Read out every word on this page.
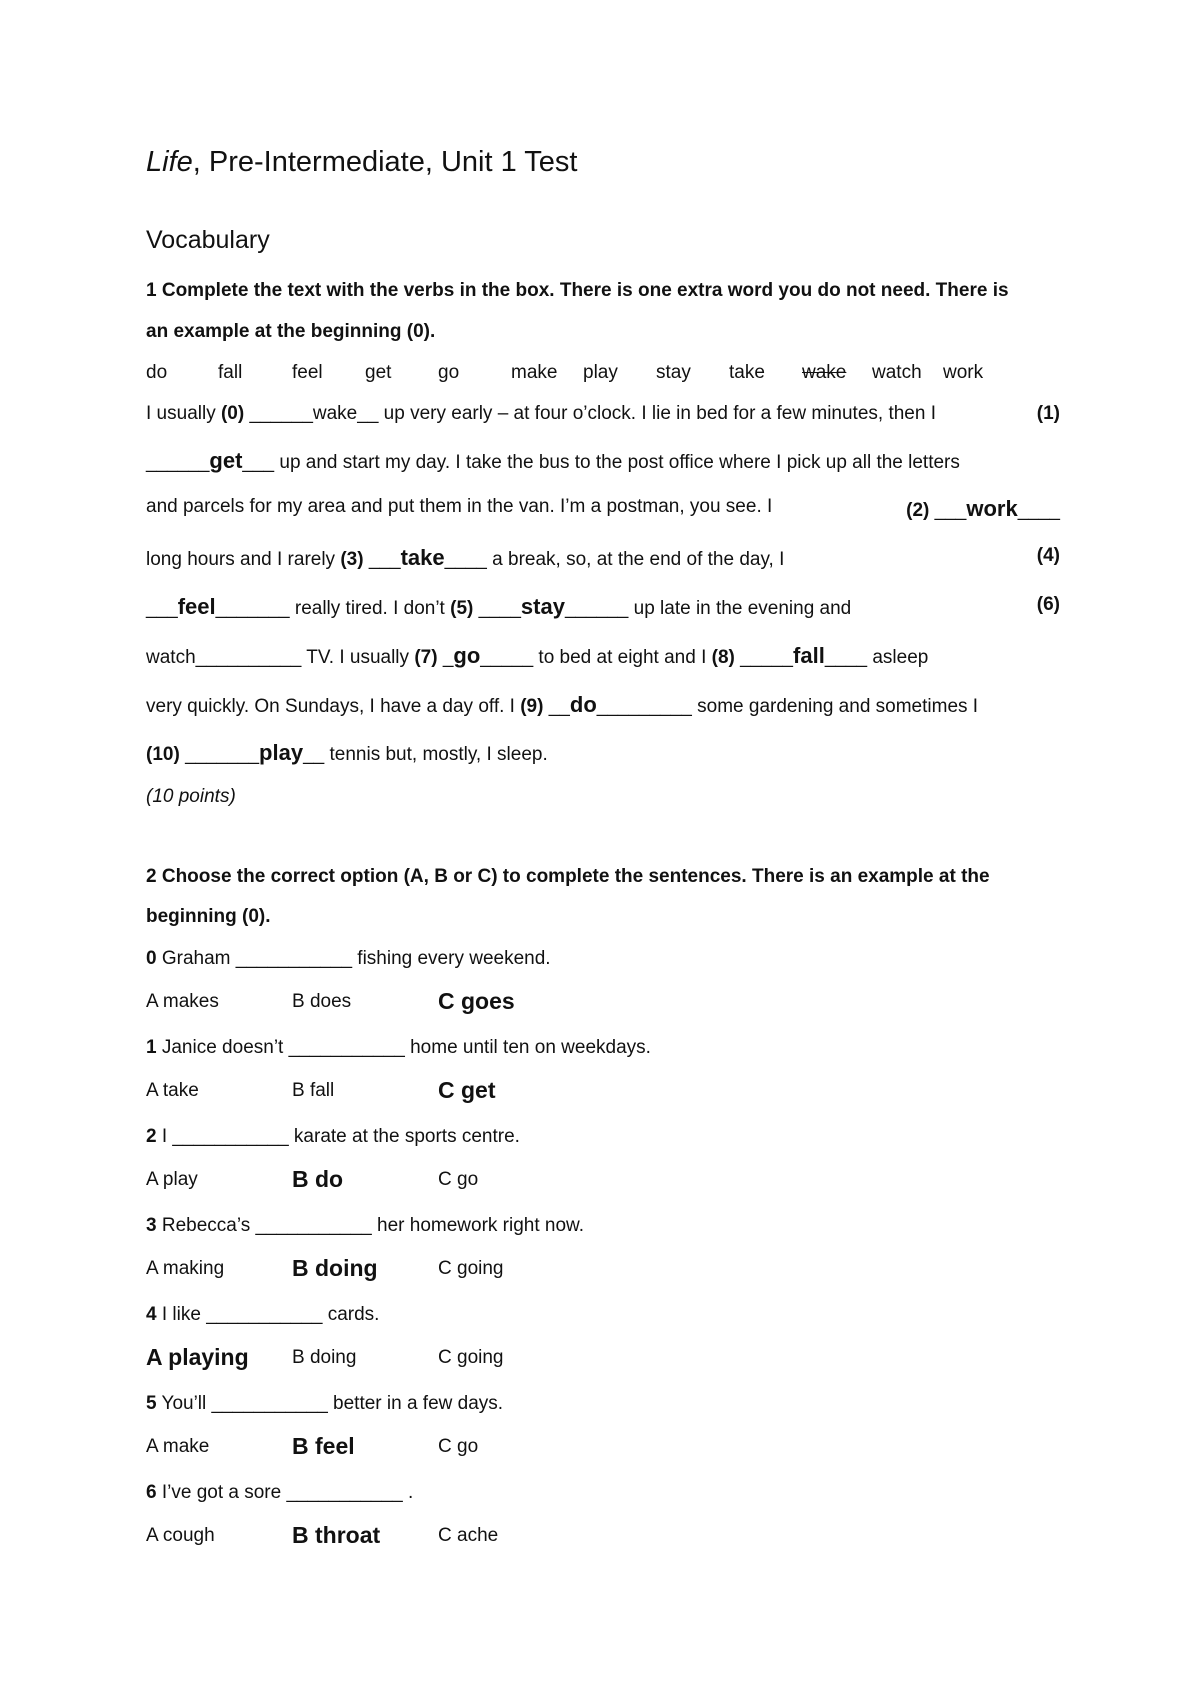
Life, Pre-Intermediate, Unit 1 Test
Vocabulary
1 Complete the text with the verbs in the box. There is one extra word you do not need. There is
an example at the beginning (0).
do	fall	feel get go	make play stay take wake watch work
I usually (0) ______wake__ up very early – at four o’clock. I lie in bed for a few minutes, then I	(1)
______get___ up and start my day. I take the bus to the post office where I pick up all the letters
and parcels for my area and put them in the van. I’m a postman, you see. I	(2) ___work____
long hours and I rarely (3) ___take____ a break, so, at the end of the day, I	(4)
___feel_______ really tired. I don’t (5) ____stay______ up late in the evening and	(6)
watch__________ TV. I usually (7) _go_____ to bed at eight and I (8) _____fall____ asleep
very quickly. On Sundays, I have a day off. I (9) __do_________ some gardening and sometimes I
(10) _______play__ tennis but, mostly, I sleep.
(10 points)
2 Choose the correct option (A, B or C) to complete the sentences. There is an example at the
beginning (0).
0 Graham ___________ fishing every weekend.
A makes	B does	C goes
1 Janice doesn’t ___________ home until ten on weekdays.
A take	B fall	C get
2 I ___________ karate at the sports centre.
A play	B do	C go
3 Rebecca’s ___________ her homework right now.
A making	B doing	C going
4 I like ___________ cards.
A playing B doing	C going
5 You’ll ___________ better in a few days.
A make	B feel	C go
6 I’ve got a sore ___________ .
A cough	B throat	C ache
